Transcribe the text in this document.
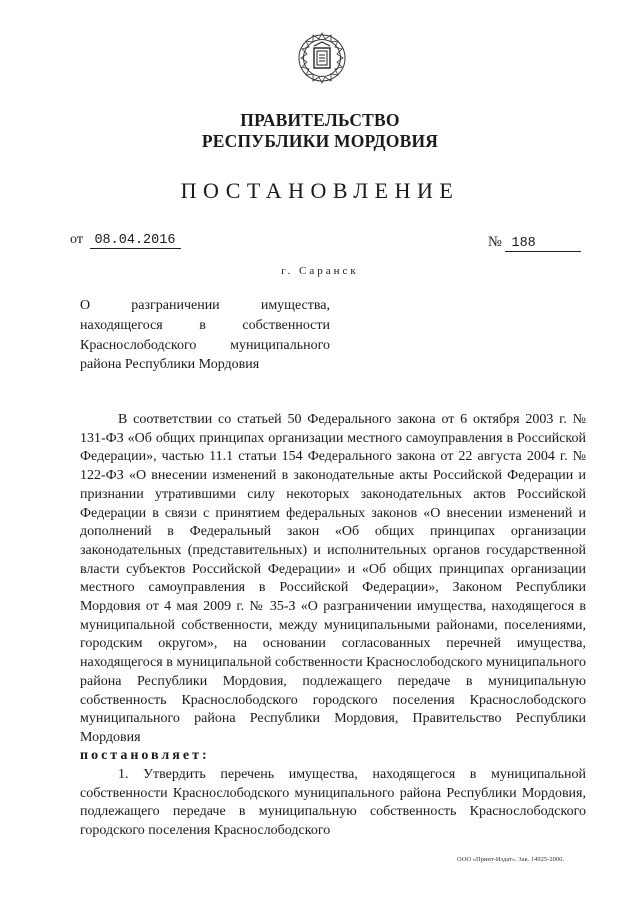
ПРАВИТЕЛЬСТВО
РЕСПУБЛИКИ МОРДОВИЯ
ПОСТАНОВЛЕНИЕ
от 08.04.2016	№ 188
г. Саранск
О разграничении имущества, находящегося в собственности Краснослободского муниципального района Республики Мордовия

В соответствии со статьей 50 Федерального закона от 6 октября 2003 г. № 131-ФЗ «Об общих принципах организации местного самоуправления в Российской Федерации», частью 11.1 статьи 154 Федерального закона от 22 августа 2004 г. № 122-ФЗ «О внесении изменений в законодательные акты Российской Федерации и признании утратившими силу некоторых законодательных актов Российской Федерации в связи с принятием федеральных законов «О внесении изменений и дополнений в Федеральный закон «Об общих принципах организации законодательных (представительных) и исполнительных органов государственной власти субъектов Российской Федерации» и «Об общих принципах организации местного самоуправления в Российской Федерации», Законом Республики Мордовия от 4 мая 2009 г. № 35-З «О разграничении имущества, находящегося в муниципальной собственности, между муниципальными районами, поселениями, городским округом», на основании согласованных перечней имущества, находящегося в муниципальной собственности Краснослободского муниципального района Республики Мордовия, подлежащего передаче в муниципальную собственность Краснослободского городского поселения Краснослободского муниципального района Республики Мордовия, Правительство Республики Мордовия

постановляет:

1. Утвердить перечень имущества, находящегося в муниципальной собственности Краснослободского муниципального района Республики Мордовия, подлежащего передаче в муниципальную собственность Краснослободского городского поселения Краснослободского

ООО «Принт-Издат». Зак. 14925-2000.
